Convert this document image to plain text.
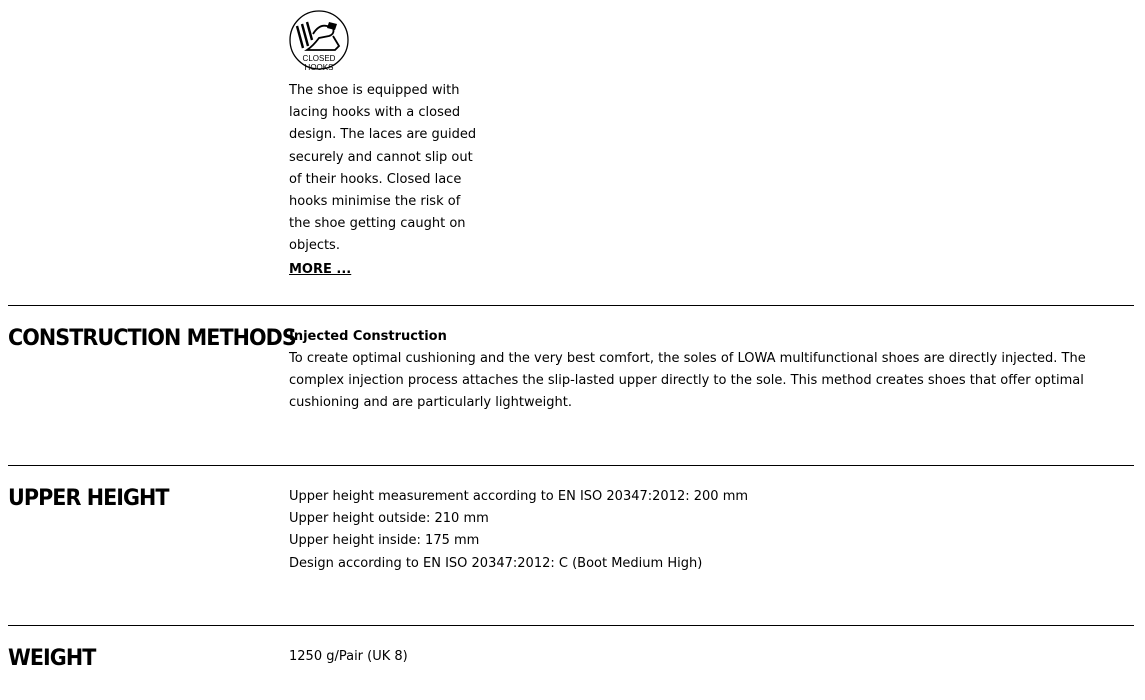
CLOSED
HOOKS

The shoe is equipped with lacing hooks with a closed design. The laces are guided securely and cannot slip out of their hooks. Closed lace hooks minimise the risk of the shoe getting caught on objects.

MORE ...
CONSTRUCTION METHODS

Injected Construction

To create optimal cushioning and the very best comfort, the soles of LOWA multifunctional shoes are directly injected. The complex injection process attaches the slip-lasted upper directly to the sole. This method creates shoes that offer optimal cushioning and are particularly lightweight.

UPPER HEIGHT	Upper height measurement according to EN ISO 20347:2012: 200 mm
Upper height outside: 210 mm
Upper height inside: 175 mm
Design according to EN ISO 20347:2012: C (Boot Medium High)
WEIGHT	1250 g/Pair (UK 8)
